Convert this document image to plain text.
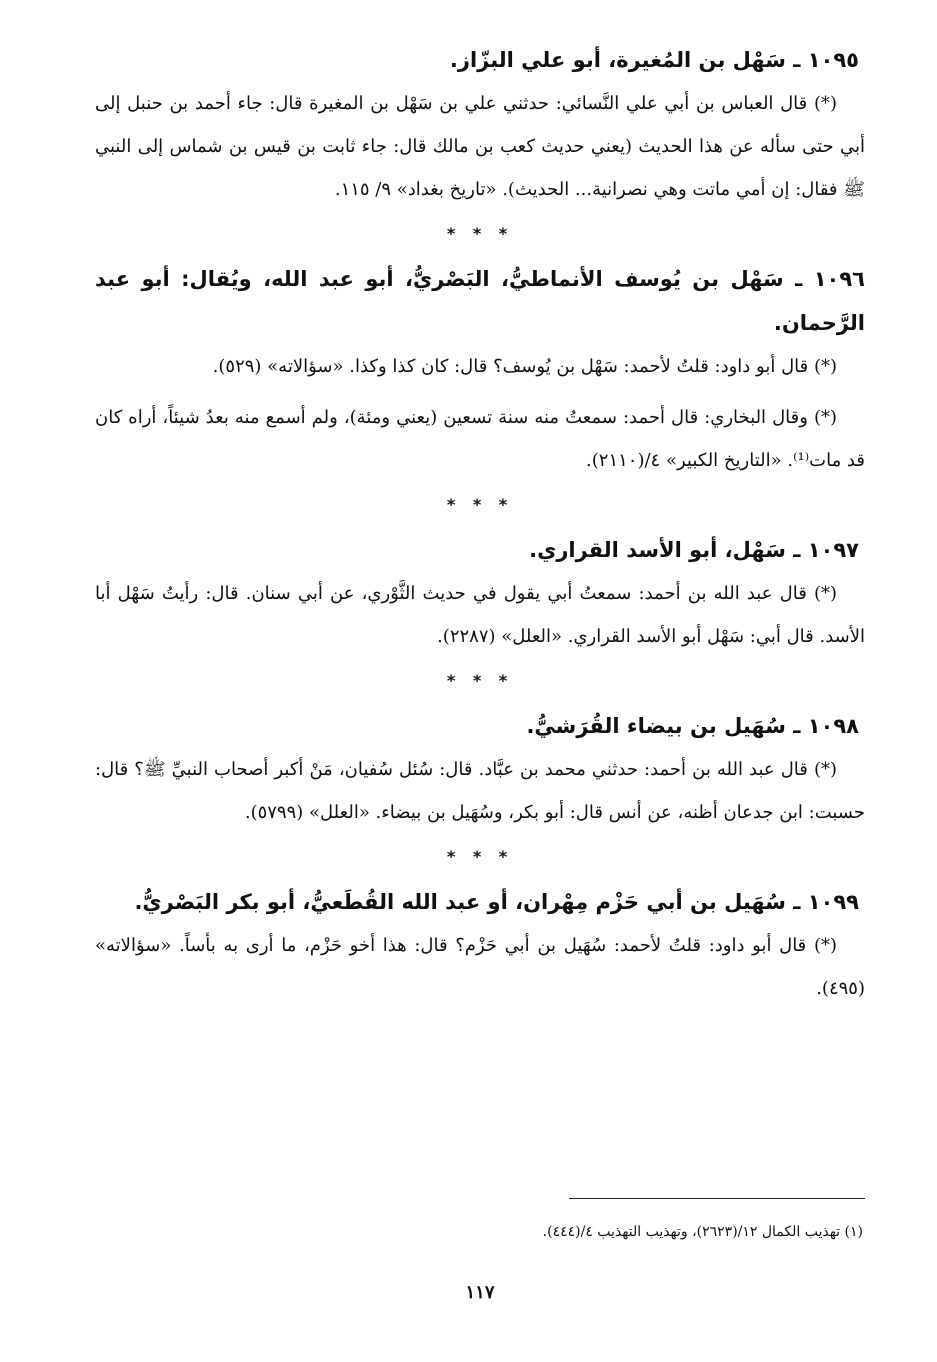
١٠٩٥ ـ سَهْل بن المُغيرة، أبو علي البزّاز.

(*) قال العباس بن أبي علي النَّسائي: حدثني علي بن سَهْل بن المغيرة قال: جاء أحمد بن حنبل إلى أبي حتى سأله عن هذا الحديث (يعني حديث كعب بن مالك قال: جاء ثابت بن قيس بن شماس إلى النبي ﷺ فقال: إن أمي ماتت وهي نصرانية... الحديث). «تاريخ بغداد» ٩/ ١١٥.

* * *
١٠٩٦ ـ سَهْل بن يُوسف الأنماطيُّ، البَصْريُّ، أبو عبد الله، ويُقال: أبو عبد الرَّحمان.

(*) قال أبو داود: قلتُ لأحمد: سَهْل بن يُوسف؟ قال: كان كذا وكذا. «سؤالاته» (٥٢٩).

(*) وقال البخاري: قال أحمد: سمعتُ منه سنة تسعين (يعني ومئة)، ولم أسمع منه بعدُ شيئاً، أراه كان قد مات⁽¹⁾. «التاريخ الكبير» ٤/(٢١١٠).

* * *
١٠٩٧ ـ سَهْل، أبو الأسد القراري.

(*) قال عبد الله بن أحمد: سمعتُ أبي يقول في حديث الثَّوْري، عن أبي سنان. قال: رأيتُ سَهْل أبا الأسد. قال أبي: سَهْل أبو الأسد القراري. «العلل» (٢٢٨٧).

* * *
١٠٩٨ ـ سُهَيل بن بيضاء القُرَشيُّ.

(*) قال عبد الله بن أحمد: حدثني محمد بن عبَّاد. قال: سُئل سُفيان، مَنْ أكبر أصحاب النبيِّ ﷺ؟ قال: حسبت: ابن جدعان أظنه، عن أنس قال: أبو بكر، وسُهَيل بن بيضاء. «العلل» (٥٧٩٩).

* * *
١٠٩٩ ـ سُهَيل بن أبي حَزْم مِهْران، أو عبد الله القُطَعيُّ، أبو بكر البَصْريُّ.

(*) قال أبو داود: قلتُ لأحمد: سُهَيل بن أبي حَزْم؟ قال: هذا أخو حَزْم، ما أرى به بأساً. «سؤالاته» (٤٩٥).

(١) تهذيب الكمال ١٢/(٢٦٢٣)، وتهذيب التهذيب ٤/(٤٤٤).

١١٧
